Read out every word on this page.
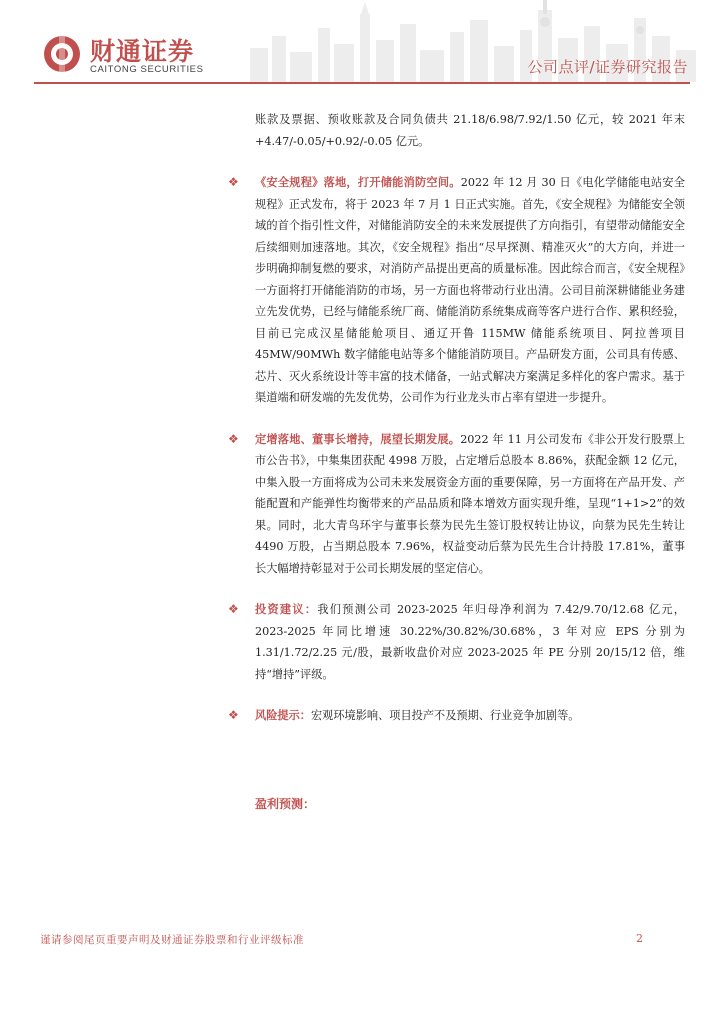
财通证券
CAITONG SECURITIES	公司点评/证券研究报告

账款及票据、预收账款及合同负债共 21.18/6.98/7.92/1.50 亿元，较 2021 年末+4.47/-0.05/+0.92/-0.05 亿元。

❖ 《安全规程》落地，打开储能消防空间。2022 年 12 月 30 日《电化学储能电站安全规程》正式发布，将于 2023 年 7 月 1 日正式实施。首先，《安全规程》为储能安全领域的首个指引性文件，对储能消防安全的未来发展提供了方向指引，有望带动储能安全后续细则加速落地。其次，《安全规程》指出“尽早探测、精准灭火”的大方向，并进一步明确抑制复燃的要求，对消防产品提出更高的质量标准。因此综合而言，《安全规程》一方面将打开储能消防的市场，另一方面也将带动行业出清。公司目前深耕储能业务建立先发优势，已经与储能系统厂商、储能消防系统集成商等客户进行合作、累积经验，目前已完成汉星储能舱项目、通辽开鲁 115MW 储能系统项目、阿拉善项目 45MW/90MWh 数字储能电站等多个储能消防项目。产品研发方面，公司具有传感、芯片、灭火系统设计等丰富的技术储备，一站式解决方案满足多样化的客户需求。基于渠道端和研发端的先发优势，公司作为行业龙头市占率有望进一步提升。

❖ 定增落地、董事长增持，展望长期发展。2022 年 11 月公司发布《非公开发行股票上市公告书》，中集集团获配 4998 万股，占定增后总股本 8.86%，获配金额 12 亿元，中集入股一方面将成为公司未来发展资金方面的重要保障，另一方面将在产品开发、产能配置和产能弹性均衡带来的产品品质和降本增效方面实现升维，呈现“1+1>2”的效果。同时，北大青鸟环宇与董事长蔡为民先生签订股权转让协议，向蔡为民先生转让 4490 万股，占当期总股本 7.96%，权益变动后蔡为民先生合计持股 17.81%，董事长大幅增持彰显对于公司长期发展的坚定信心。

❖ 投资建议：我们预测公司 2023-2025 年归母净利润为 7.42/9.70/12.68 亿元，2023-2025 年同比增速 30.22%/30.82%/30.68%，3 年对应 EPS 分别为 1.31/1.72/2.25 元/股，最新收盘价对应 2023-2025 年 PE 分别 20/15/12 倍，维持“增持”评级。

❖ 风险提示：宏观环境影响、项目投产不及预期、行业竞争加剧等。

盈利预测：
谨请参阅尾页重要声明及财通证券股票和行业评级标准	2
